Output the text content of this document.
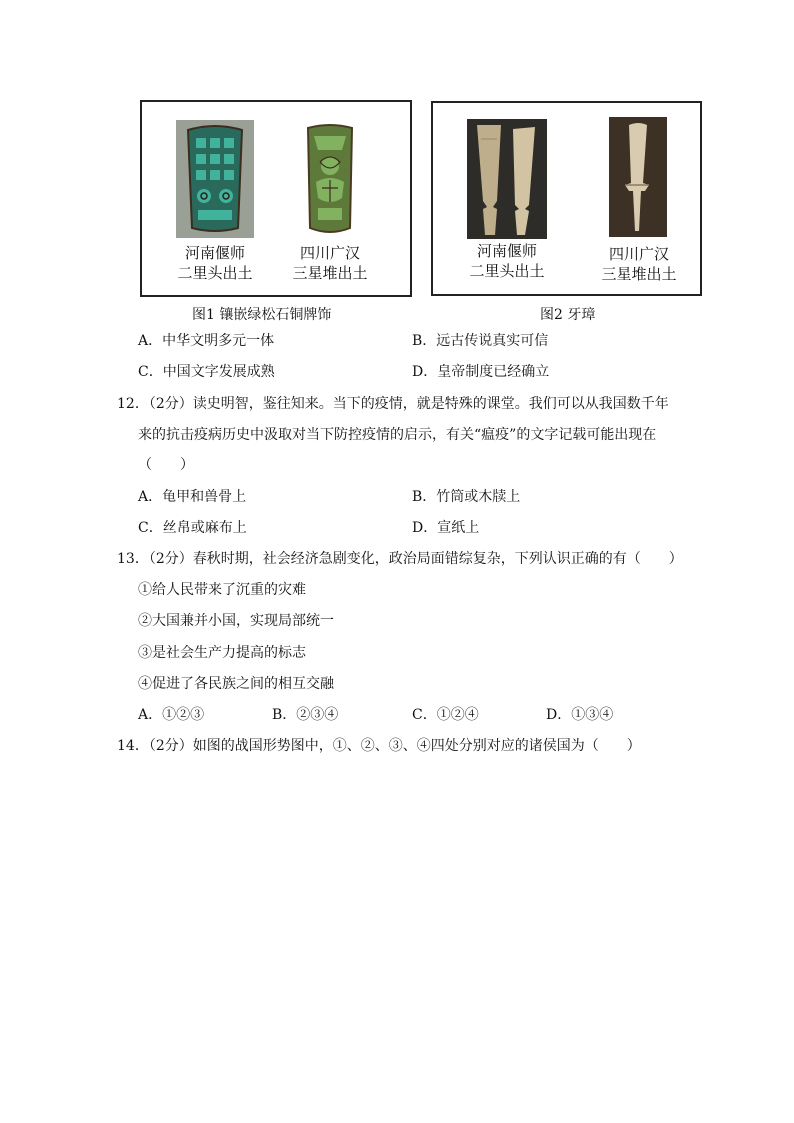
河南偃师
二里头出土
四川广汉
三星堆出土
图1 镶嵌绿松石铜牌饰
河南偃师
二里头出土
四川广汉
三星堆出土
图2 牙璋
A．中华文明多元一体	B．远古传说真实可信
C．中国文字发展成熟	D．皇帝制度已经确立
12．（2分）读史明智，鉴往知来。当下的疫情，就是特殊的课堂。我们可以从我国数千年
来的抗击疫病历史中汲取对当下防控疫情的启示，有关“瘟疫”的文字记载可能出现在
（　　）
A．龟甲和兽骨上	B．竹筒或木牍上
C．丝帛或麻布上	D．宣纸上
13．（2分）春秋时期，社会经济急剧变化，政治局面错综复杂，下列认识正确的有（　　）
①给人民带来了沉重的灾难
②大国兼并小国，实现局部统一
③是社会生产力提高的标志
④促进了各民族之间的相互交融
A．①②③	B．②③④	C．①②④	D．①③④
14．（2分）如图的战国形势图中，①、②、③、④四处分别对应的诸侯国为（　　）
